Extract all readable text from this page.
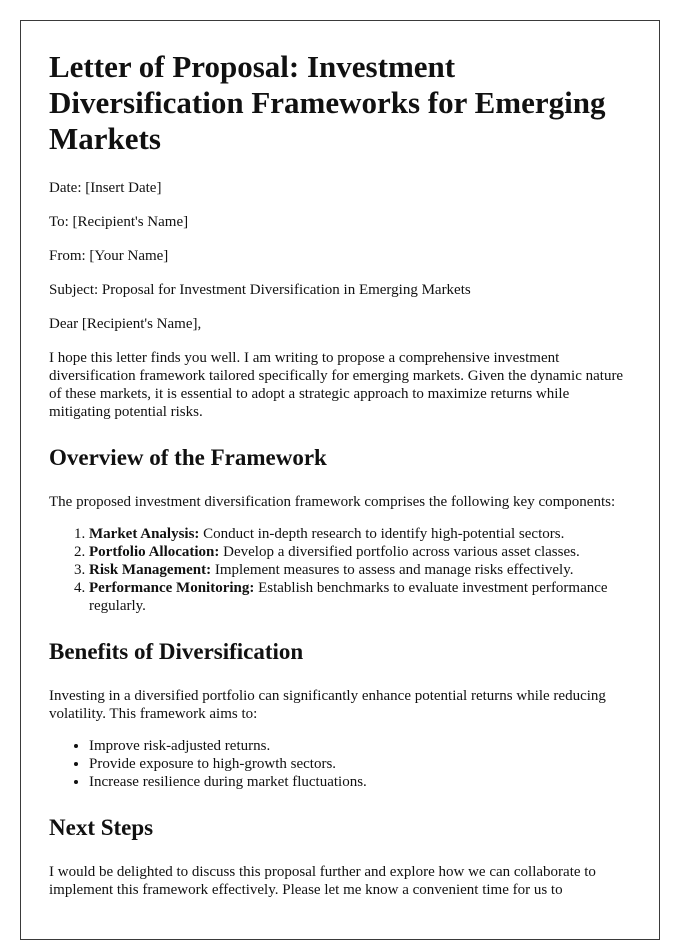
Letter of Proposal: Investment Diversification Frameworks for Emerging Markets

Date: [Insert Date]

To: [Recipient's Name]

From: [Your Name]

Subject: Proposal for Investment Diversification in Emerging Markets

Dear [Recipient's Name],

I hope this letter finds you well. I am writing to propose a comprehensive investment diversification framework tailored specifically for emerging markets. Given the dynamic nature of these markets, it is essential to adopt a strategic approach to maximize returns while mitigating potential risks.

Overview of the Framework

The proposed investment diversification framework comprises the following key components:

1. Market Analysis: Conduct in-depth research to identify high-potential sectors.
2. Portfolio Allocation: Develop a diversified portfolio across various asset classes.
3. Risk Management: Implement measures to assess and manage risks effectively.
4. Performance Monitoring: Establish benchmarks to evaluate investment performance regularly.
Benefits of Diversification

Investing in a diversified portfolio can significantly enhance potential returns while reducing volatility. This framework aims to:

• Improve risk-adjusted returns.
• Provide exposure to high-growth sectors.
• Increase resilience during market fluctuations.
Next Steps

I would be delighted to discuss this proposal further and explore how we can collaborate to implement this framework effectively. Please let me know a convenient time for us to
